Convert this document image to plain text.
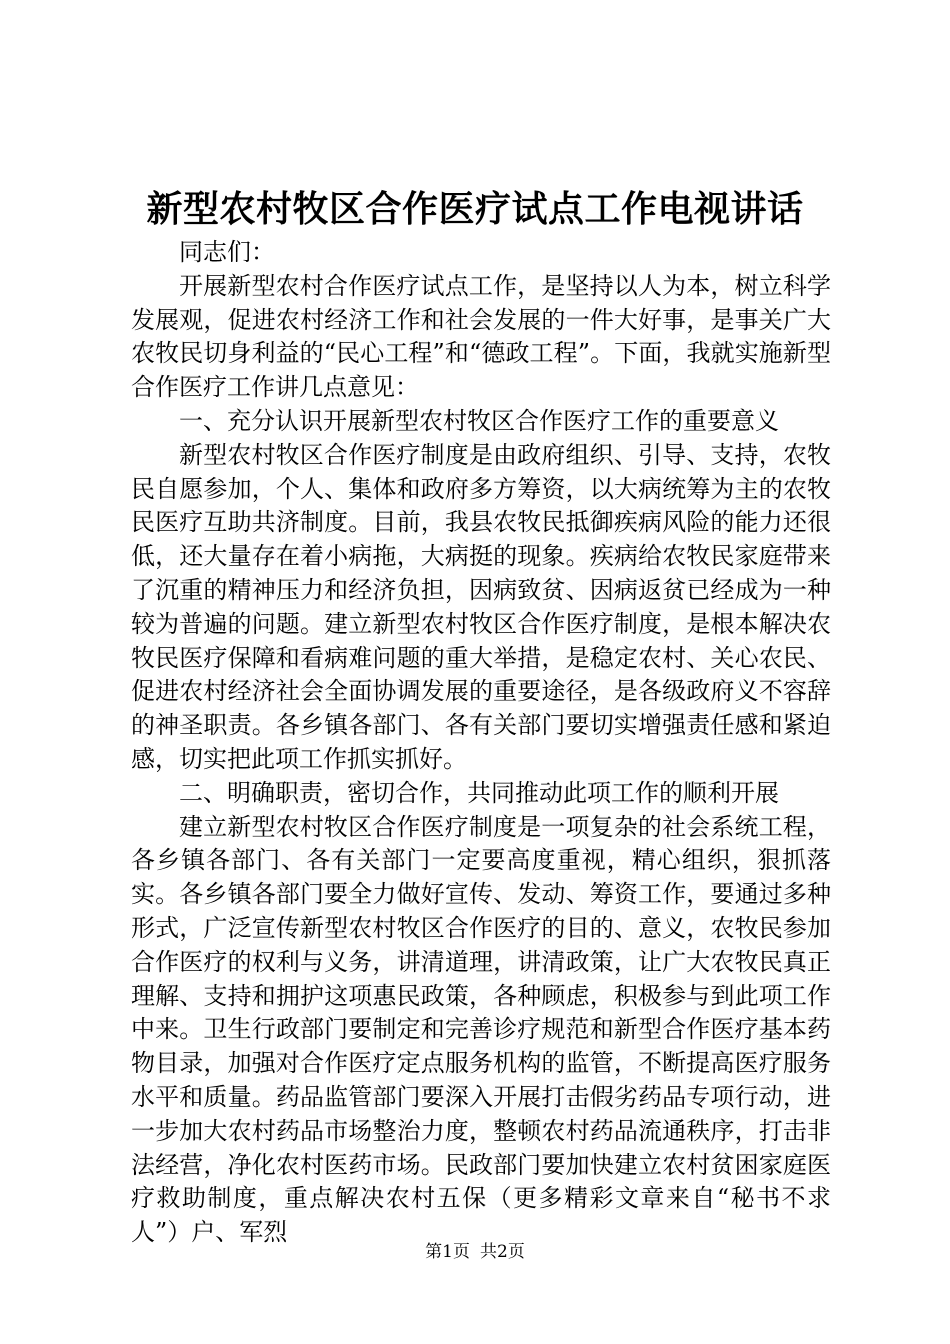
新型农村牧区合作医疗试点工作电视讲话

同志们：

开展新型农村合作医疗试点工作，是坚持以人为本，树立科学发展观，促进农村经济工作和社会发展的一件大好事，是事关广大农牧民切身利益的“民心工程”和“德政工程”。下面，我就实施新型合作医疗工作讲几点意见：

一、充分认识开展新型农村牧区合作医疗工作的重要意义

新型农村牧区合作医疗制度是由政府组织、引导、支持，农牧民自愿参加，个人、集体和政府多方筹资，以大病统筹为主的农牧民医疗互助共济制度。目前，我县农牧民抵御疾病风险的能力还很低，还大量存在着小病拖，大病挺的现象。疾病给农牧民家庭带来了沉重的精神压力和经济负担，因病致贫、因病返贫已经成为一种较为普遍的问题。建立新型农村牧区合作医疗制度，是根本解决农牧民医疗保障和看病难问题的重大举措，是稳定农村、关心农民、促进农村经济社会全面协调发展的重要途径，是各级政府义不容辞的神圣职责。各乡镇各部门、各有关部门要切实增强责任感和紧迫感，切实把此项工作抓实抓好。

二、明确职责，密切合作，共同推动此项工作的顺利开展

建立新型农村牧区合作医疗制度是一项复杂的社会系统工程，各乡镇各部门、各有关部门一定要高度重视，精心组织，狠抓落实。各乡镇各部门要全力做好宣传、发动、筹资工作，要通过多种形式，广泛宣传新型农村牧区合作医疗的目的、意义，农牧民参加合作医疗的权利与义务，讲清道理，讲清政策，让广大农牧民真正理解、支持和拥护这项惠民政策，各种顾虑，积极参与到此项工作中来。卫生行政部门要制定和完善诊疗规范和新型合作医疗基本药物目录，加强对合作医疗定点服务机构的监管，不断提高医疗服务水平和质量。药品监管部门要深入开展打击假劣药品专项行动，进一步加大农村药品市场整治力度，整顿农村药品流通秩序，打击非法经营，净化农村医药市场。民政部门要加快建立农村贫困家庭医疗救助制度，重点解决农村五保（更多精彩文章来自“秘书不求人”）户、军烈

第1页 共2页
